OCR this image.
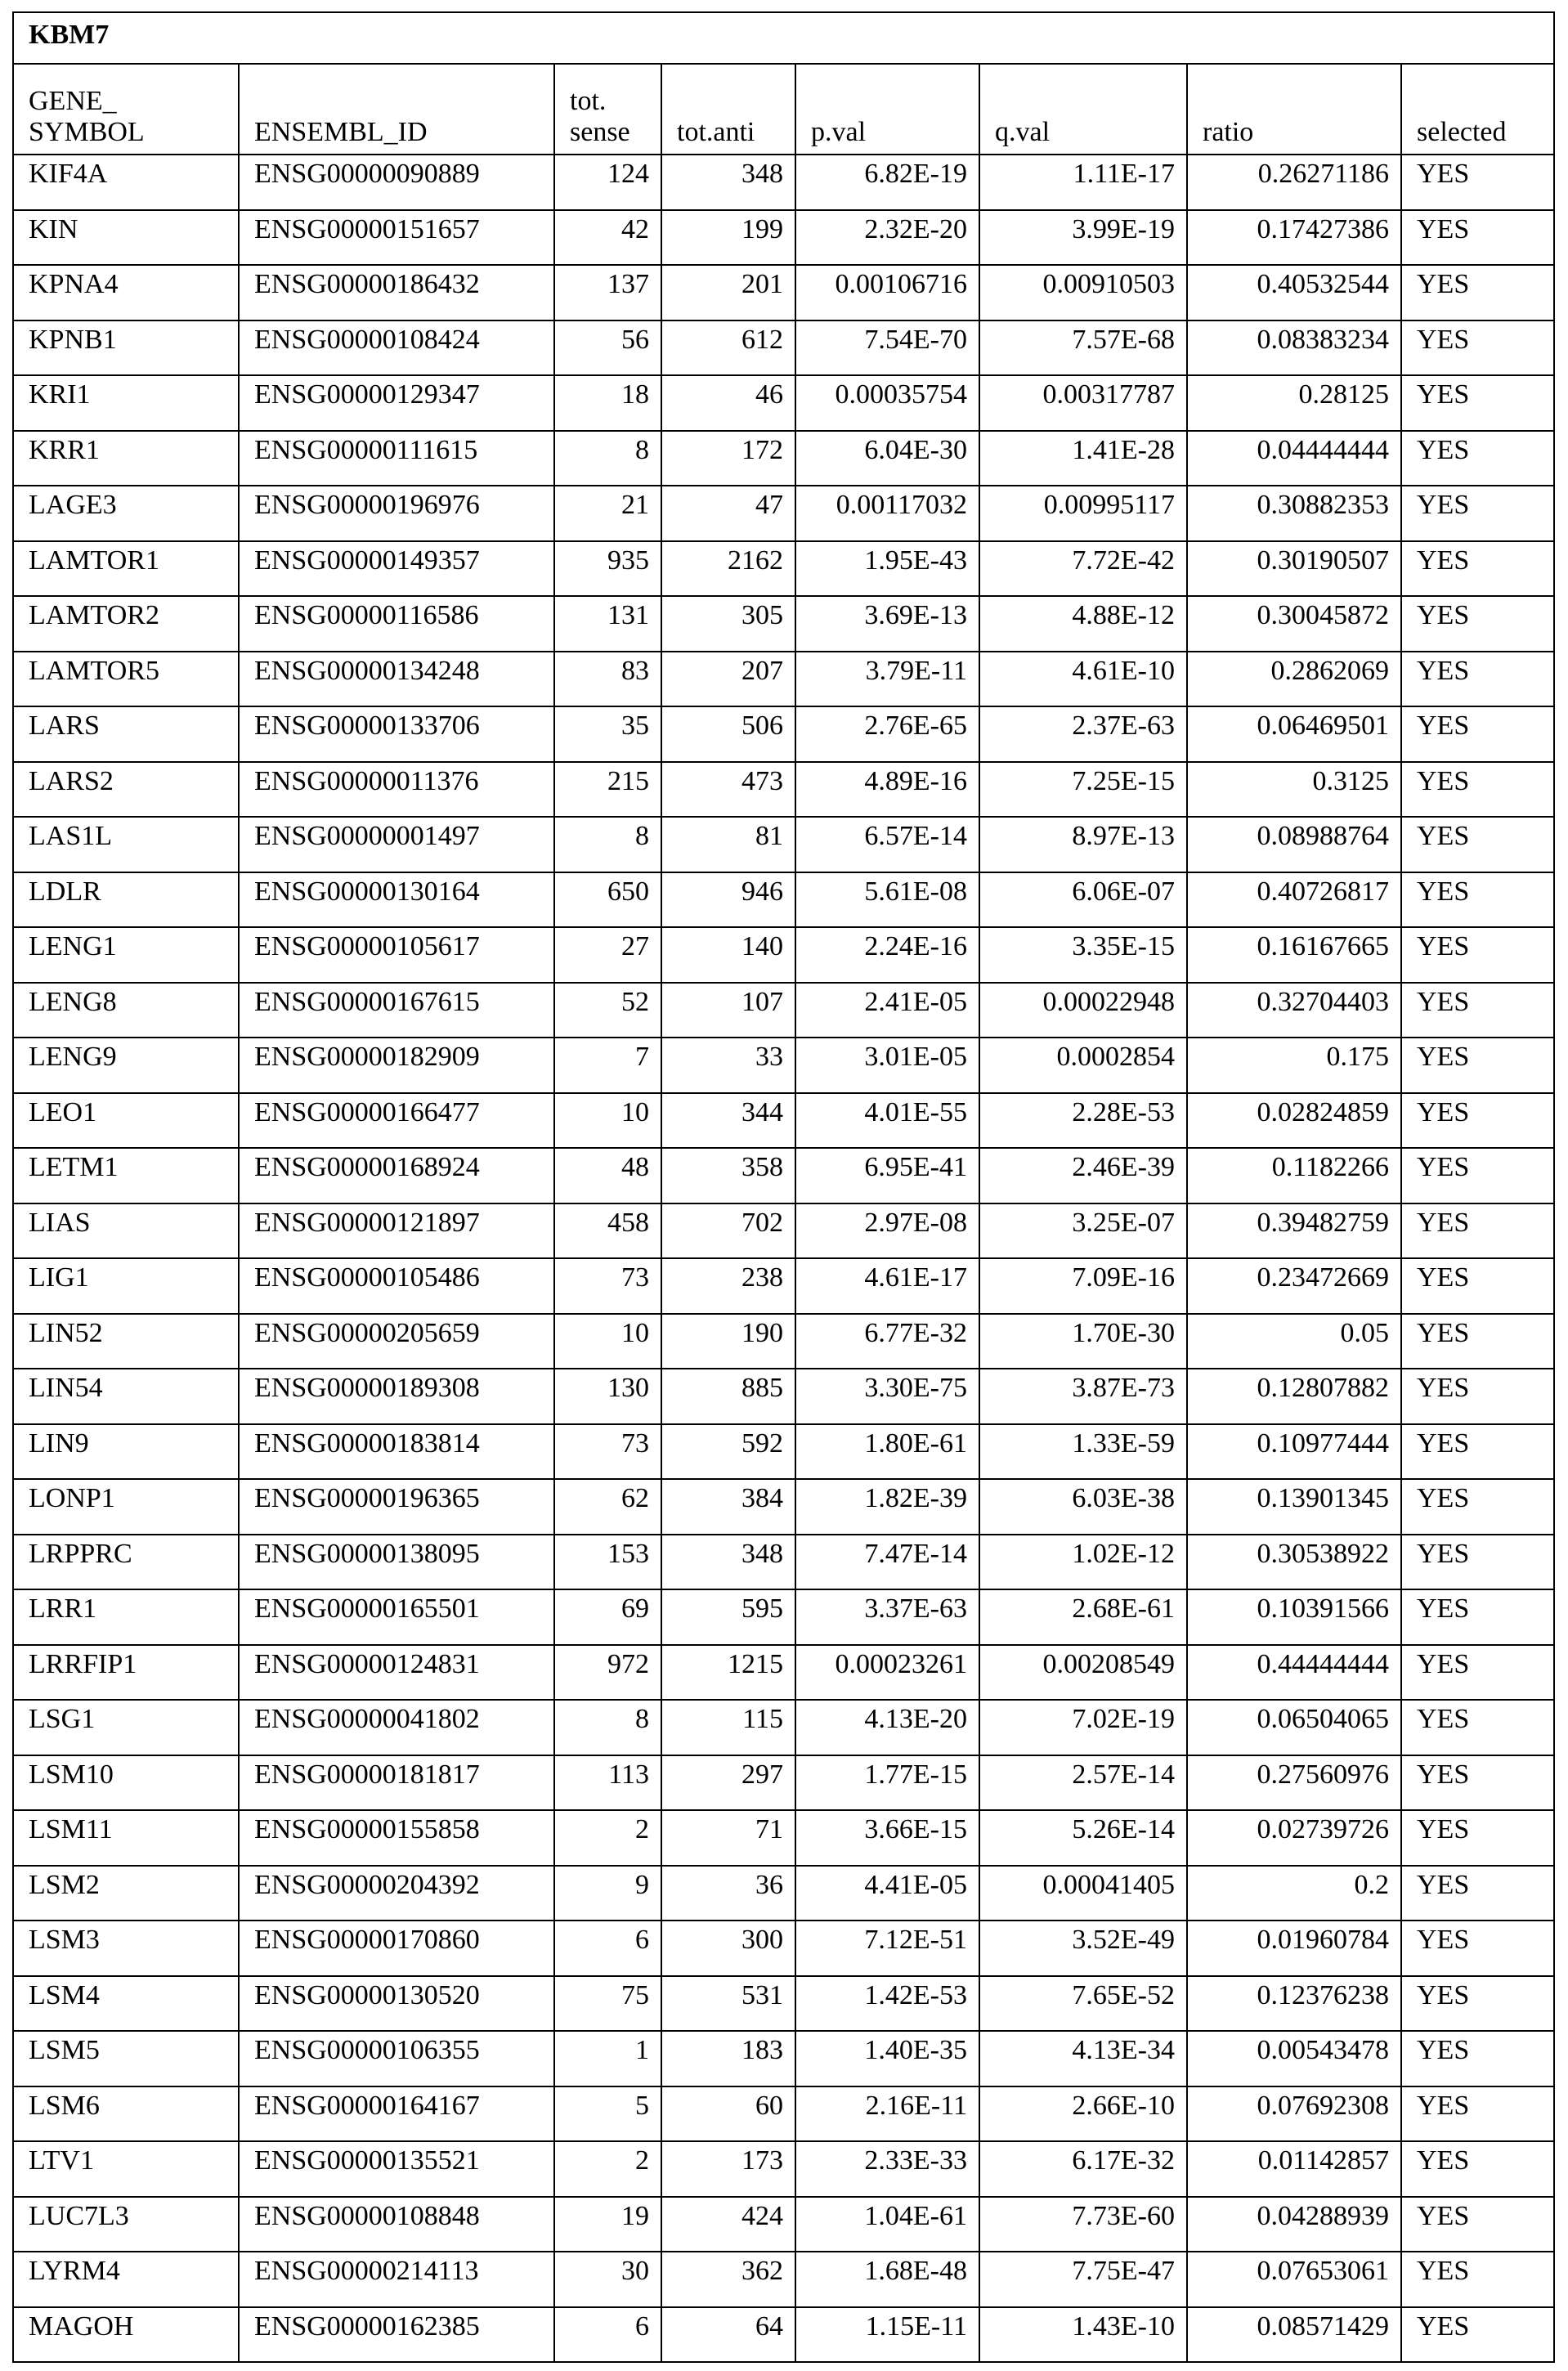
KBM7
GENE_
SYMBOL	ENSEMBL_ID	tot.
sense	tot.anti	p.val	q.val	ratio	selected
KIF4A	ENSG00000090889	124	348	6.82E-19	1.11E-17	0.26271186	YES
KIN	ENSG00000151657	42	199	2.32E-20	3.99E-19	0.17427386	YES
KPNA4	ENSG00000186432	137	201	0.00106716	0.00910503	0.40532544	YES
KPNB1	ENSG00000108424	56	612	7.54E-70	7.57E-68	0.08383234	YES
KRI1	ENSG00000129347	18	46	0.00035754	0.00317787	0.28125	YES
KRR1	ENSG00000111615	8	172	6.04E-30	1.41E-28	0.04444444	YES
LAGE3	ENSG00000196976	21	47	0.00117032	0.00995117	0.30882353	YES
LAMTOR1	ENSG00000149357	935	2162	1.95E-43	7.72E-42	0.30190507	YES
LAMTOR2	ENSG00000116586	131	305	3.69E-13	4.88E-12	0.30045872	YES
LAMTOR5	ENSG00000134248	83	207	3.79E-11	4.61E-10	0.2862069	YES
LARS	ENSG00000133706	35	506	2.76E-65	2.37E-63	0.06469501	YES
LARS2	ENSG00000011376	215	473	4.89E-16	7.25E-15	0.3125	YES
LAS1L	ENSG00000001497	8	81	6.57E-14	8.97E-13	0.08988764	YES
LDLR	ENSG00000130164	650	946	5.61E-08	6.06E-07	0.40726817	YES
LENG1	ENSG00000105617	27	140	2.24E-16	3.35E-15	0.16167665	YES
LENG8	ENSG00000167615	52	107	2.41E-05	0.00022948	0.32704403	YES
LENG9	ENSG00000182909	7	33	3.01E-05	0.0002854	0.175	YES
LEO1	ENSG00000166477	10	344	4.01E-55	2.28E-53	0.02824859	YES
LETM1	ENSG00000168924	48	358	6.95E-41	2.46E-39	0.1182266	YES
LIAS	ENSG00000121897	458	702	2.97E-08	3.25E-07	0.39482759	YES
LIG1	ENSG00000105486	73	238	4.61E-17	7.09E-16	0.23472669	YES
LIN52	ENSG00000205659	10	190	6.77E-32	1.70E-30	0.05	YES
LIN54	ENSG00000189308	130	885	3.30E-75	3.87E-73	0.12807882	YES
LIN9	ENSG00000183814	73	592	1.80E-61	1.33E-59	0.10977444	YES
LONP1	ENSG00000196365	62	384	1.82E-39	6.03E-38	0.13901345	YES
LRPPRC	ENSG00000138095	153	348	7.47E-14	1.02E-12	0.30538922	YES
LRR1	ENSG00000165501	69	595	3.37E-63	2.68E-61	0.10391566	YES
LRRFIP1	ENSG00000124831	972	1215	0.00023261	0.00208549	0.44444444	YES
LSG1	ENSG00000041802	8	115	4.13E-20	7.02E-19	0.06504065	YES
LSM10	ENSG00000181817	113	297	1.77E-15	2.57E-14	0.27560976	YES
LSM11	ENSG00000155858	2	71	3.66E-15	5.26E-14	0.02739726	YES
LSM2	ENSG00000204392	9	36	4.41E-05	0.00041405	0.2	YES
LSM3	ENSG00000170860	6	300	7.12E-51	3.52E-49	0.01960784	YES
LSM4	ENSG00000130520	75	531	1.42E-53	7.65E-52	0.12376238	YES
LSM5	ENSG00000106355	1	183	1.40E-35	4.13E-34	0.00543478	YES
LSM6	ENSG00000164167	5	60	2.16E-11	2.66E-10	0.07692308	YES
LTV1	ENSG00000135521	2	173	2.33E-33	6.17E-32	0.01142857	YES
LUC7L3	ENSG00000108848	19	424	1.04E-61	7.73E-60	0.04288939	YES
LYRM4	ENSG00000214113	30	362	1.68E-48	7.75E-47	0.07653061	YES
MAGOH	ENSG00000162385	6	64	1.15E-11	1.43E-10	0.08571429	YES
